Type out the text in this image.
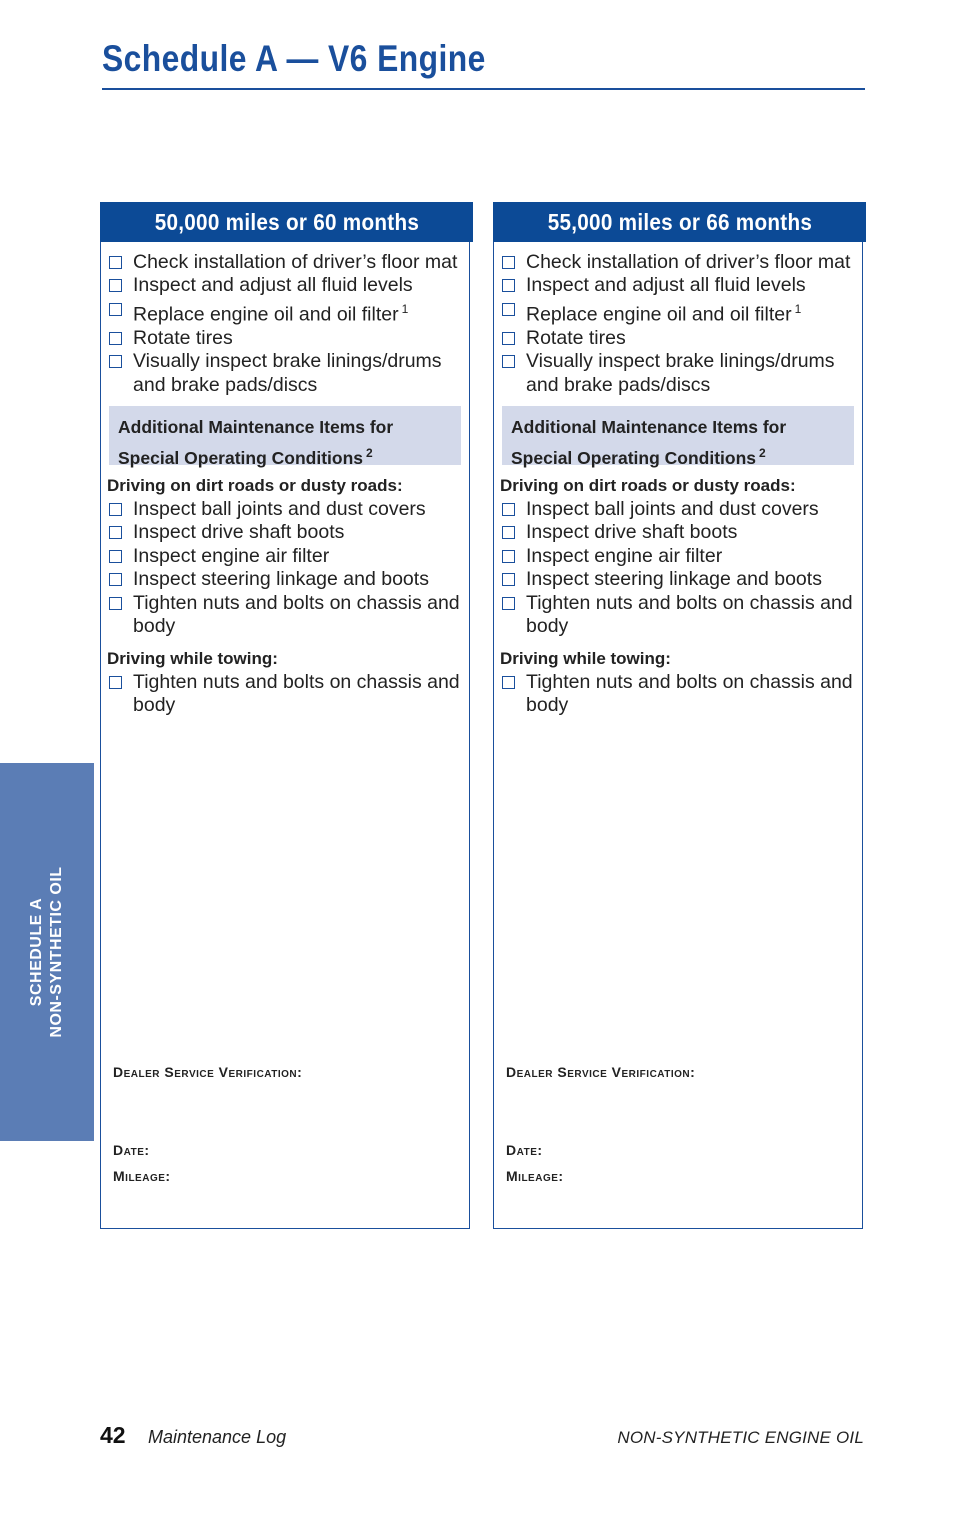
Schedule A — V6 Engine
SCHEDULE A NON-SYNTHETIC OIL
50,000 miles or 60 months
Check installation of driver’s floor mat
Inspect and adjust all fluid levels
Replace engine oil and oil filter $^1$
Rotate tires
Visually inspect brake linings/drums and brake pads/discs
Additional Maintenance Items for
Special Operating Conditions $^2$
Driving on dirt roads or dusty roads:
Inspect ball joints and dust covers
Inspect drive shaft boots
Inspect engine air filter
Inspect steering linkage and boots
Tighten nuts and bolts on chassis and body
Driving while towing:
Tighten nuts and bolts on chassis and body
Dealer Service Verification:
Date:
Mileage:
55,000 miles or 66 months
Check installation of driver’s floor mat
Inspect and adjust all fluid levels
Replace engine oil and oil filter $^1$
Rotate tires
Visually inspect brake linings/drums and brake pads/discs
Additional Maintenance Items for
Special Operating Conditions $^2$
Driving on dirt roads or dusty roads:
Inspect ball joints and dust covers
Inspect drive shaft boots
Inspect engine air filter
Inspect steering linkage and boots
Tighten nuts and bolts on chassis and body
Driving while towing:
Tighten nuts and bolts on chassis and body
Dealer Service Verification:
Date:
Mileage:
42 Maintenance Log	NON-SYNTHETIC ENGINE OIL
